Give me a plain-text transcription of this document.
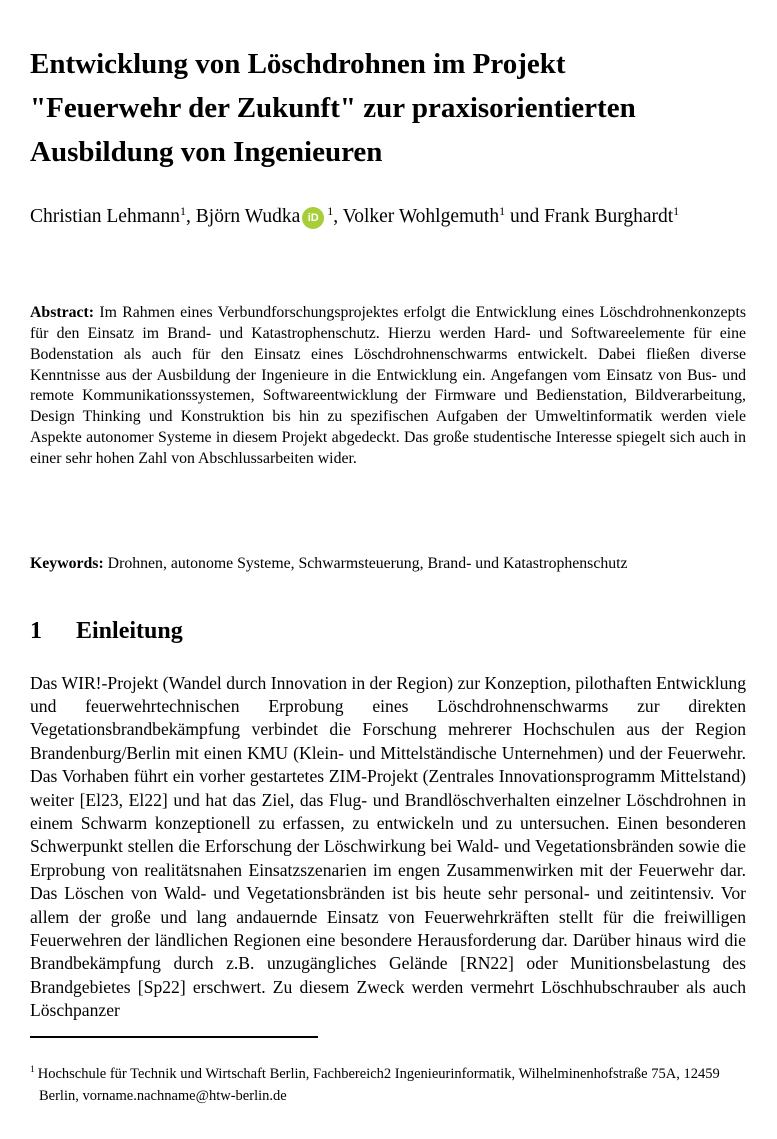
Entwicklung von Löschdrohnen im Projekt
"Feuerwehr der Zukunft" zur praxisorientierten
Ausbildung von Ingenieuren
Christian Lehmann$^1$, Björn Wudka iD $^1$, Volker Wohlgemuth$^1$ und Frank Burghardt$^1$

Abstract: Im Rahmen eines Verbundforschungsprojektes erfolgt die Entwicklung eines Löschdrohnenkonzepts für den Einsatz im Brand- und Katastrophenschutz. Hierzu werden Hard- und Softwareelemente für eine Bodenstation als auch für den Einsatz eines Löschdrohnenschwarms entwickelt. Dabei fließen diverse Kenntnisse aus der Ausbildung der Ingenieure in die Entwicklung ein. Angefangen vom Einsatz von Bus- und remote Kommunikationssystemen, Softwareentwicklung der Firmware und Bedienstation, Bildverarbeitung, Design Thinking und Konstruktion bis hin zu spezifischen Aufgaben der Umweltinformatik werden viele Aspekte autonomer Systeme in diesem Projekt abgedeckt. Das große studentische Interesse spiegelt sich auch in einer sehr hohen Zahl von Abschlussarbeiten wider.

Keywords: Drohnen, autonome Systeme, Schwarmsteuerung, Brand- und Katastrophenschutz

1 Einleitung

Das WIR!-Projekt (Wandel durch Innovation in der Region) zur Konzeption, pilothaften Entwicklung und feuerwehrtechnischen Erprobung eines Löschdrohnenschwarms zur direkten Vegetationsbrandbekämpfung verbindet die Forschung mehrerer Hochschulen aus der Region Brandenburg/Berlin mit einen KMU (Klein- und Mittelständische Unternehmen) und der Feuerwehr. Das Vorhaben führt ein vorher gestartetes ZIM-Projekt (Zentrales Innovationsprogramm Mittelstand) weiter [El23, El22] und hat das Ziel, das Flug- und Brandlöschverhalten einzelner Löschdrohnen in einem Schwarm konzeptionell zu erfassen, zu entwickeln und zu untersuchen. Einen besonderen Schwerpunkt stellen die Erforschung der Löschwirkung bei Wald- und Vegetationsbränden sowie die Erprobung von realitätsnahen Einsatzszenarien im engen Zusammenwirken mit der Feuerwehr dar. Das Löschen von Wald- und Vegetationsbränden ist bis heute sehr personal- und zeitintensiv. Vor allem der große und lang andauernde Einsatz von Feuerwehrkräften stellt für die freiwilligen Feuerwehren der ländlichen Regionen eine besondere Herausforderung dar. Darüber hinaus wird die Brandbekämpfung durch z.B. unzugängliches Gelände [RN22] oder Munitionsbelastung des Brandgebietes [Sp22] erschwert. Zu diesem Zweck werden vermehrt Löschhubschrauber als auch Löschpanzer

$^1$ Hochschule für Technik und Wirtschaft Berlin, Fachbereich2 Ingenieurinformatik, Wilhelminenhofstraße 75A, 12459 Berlin, vorname.nachname@htw-berlin.de
